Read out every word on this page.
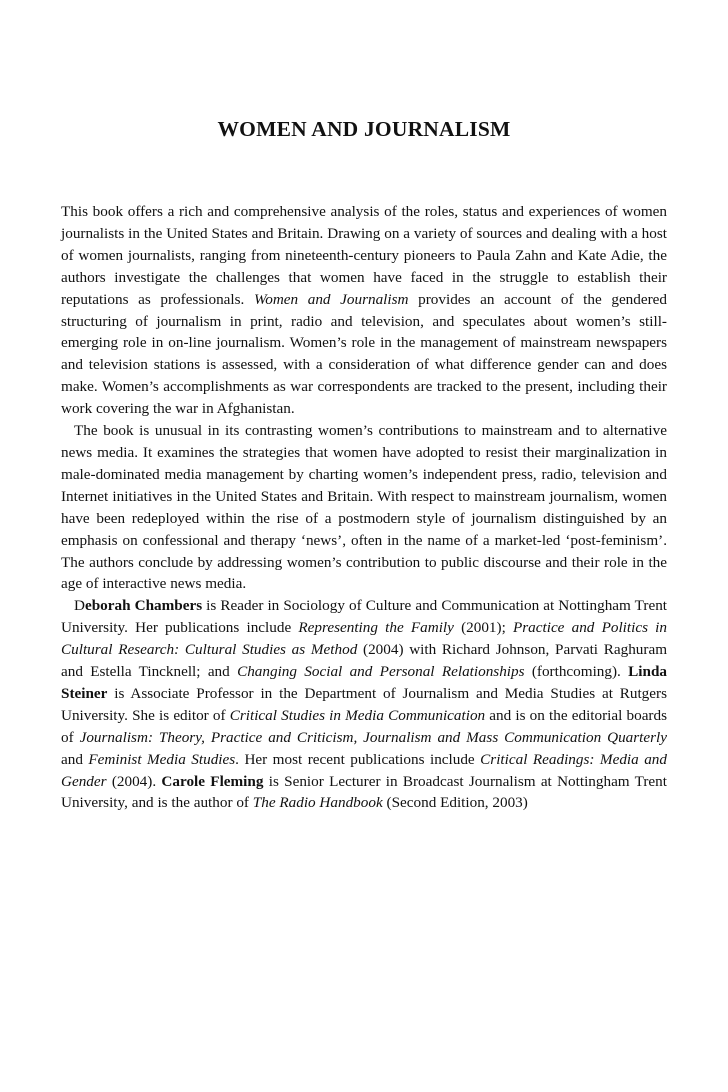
WOMEN AND JOURNALISM

This book offers a rich and comprehensive analysis of the roles, status and experiences of women journalists in the United States and Britain. Drawing on a variety of sources and dealing with a host of women journalists, ranging from nineteenth-century pioneers to Paula Zahn and Kate Adie, the authors investigate the challenges that women have faced in the struggle to establish their reputations as professionals. Women and Journalism provides an account of the gendered structuring of journalism in print, radio and television, and speculates about women’s still-emerging role in on-line journalism. Women’s role in the management of mainstream newspapers and television stations is assessed, with a consideration of what difference gender can and does make. Women’s accomplishments as war correspondents are tracked to the present, including their work covering the war in Afghanistan.

The book is unusual in its contrasting women’s contributions to mainstream and to alternative news media. It examines the strategies that women have adopted to resist their marginalization in male-dominated media management by charting women’s independent press, radio, television and Internet initiatives in the United States and Britain. With respect to mainstream journalism, women have been redeployed within the rise of a postmodern style of journalism distinguished by an emphasis on confessional and therapy ‘news’, often in the name of a market-led ‘post-feminism’. The authors conclude by addressing women’s contribution to public discourse and their role in the age of interactive news media.

Deborah Chambers is Reader in Sociology of Culture and Communication at Nottingham Trent University. Her publications include Representing the Family (2001); Practice and Politics in Cultural Research: Cultural Studies as Method (2004) with Richard Johnson, Parvati Raghuram and Estella Tincknell; and Changing Social and Personal Relationships (forthcoming). Linda Steiner is Associate Professor in the Department of Journalism and Media Studies at Rutgers University. She is editor of Critical Studies in Media Communication and is on the editorial boards of Journalism: Theory, Practice and Criticism, Journalism and Mass Communication Quarterly and Feminist Media Studies. Her most recent publications include Critical Readings: Media and Gender (2004). Carole Fleming is Senior Lecturer in Broadcast Journalism at Nottingham Trent University, and is the author of The Radio Handbook (Second Edition, 2003)
